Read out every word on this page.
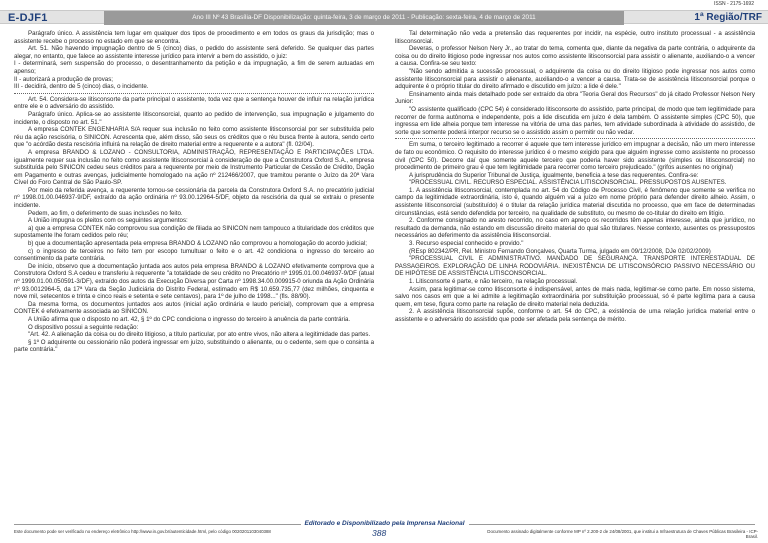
ISSN - 2175-1692
E-DJF1	Ano III Nº 43 Brasília-DF Disponibilização: quinta-feira, 3 de março de 2011 - Publicação: sexta-feira, 4 de março de 2011	1ª Região/TRF

Parágrafo único. A assistência tem lugar em qualquer dos tipos de procedimento e em todos os graus da jurisdição; mas o assistente recebe o processo no estado em que se encontra.

Art. 51. Não havendo impugnação dentro de 5 (cinco) dias, o pedido do assistente será deferido. Se qualquer das partes alegar, no entanto, que falece ao assistente interesse jurídico para intervir a bem do assistido, o juiz:

I - determinará, sem suspensão do processo, o desentranhamento da petição e da impugnação, a fim de serem autuadas em apenso;

II - autorizará a produção de provas;

III - decidirá, dentro de 5 (cinco) dias, o incidente.

Art. 54. Considera-se litisconsorte da parte principal o assistente, toda vez que a sentença houver de influir na relação jurídica entre ele e o adversário do assistido.

Parágrafo único. Aplica-se ao assistente litisconsorcial, quanto ao pedido de intervenção, sua impugnação e julgamento do incidente, o disposto no art. 51."

A empresa CONTEK ENGENHARIA S/A requer sua inclusão no feito como assistente litisconsorcial por ser substituída pelo réu da ação rescisória, o SINICON. Acrescenta que, além disso, são seus os créditos que o réu busca frente à autora, sendo certo que "o acórdão desta rescisória influirá na relação de direito material entre a requerente e a autora" (fl. 02/04).

A empresa BRANDO & LOZANO - CONSULTORIA, ADMINISTRAÇÃO, REPRESENTAÇÃO E PARTICIPAÇÕES LTDA. igualmente requer sua inclusão no feito como assistente litisconsorcial à consideração de que a Construtora Oxford S.A., empresa substituída pelo SINICON cedeu seus créditos para a requerente por meio de Instrumento Particular de Cessão de Crédito, Dação em Pagamento e outras avenças, judicialmente homologado na ação nº 212466/2007, que tramitou perante o Juízo da 20ª Vara Cível do Foro Central de São Paulo-SP.

Por meio da referida avença, a requerente tornou-se cessionária da parcela da Construtora Oxford S.A. no precatório judicial nº 1998.01.00.046937-9/DF, extraído da ação ordinária nº 93.00.12964-5/DF, objeto da rescisória da qual se extraiu o presente incidente.

Pedem, ao fim, o deferimento de suas inclusões no feito.

A União impugna os pleitos com os seguintes argumentos:

a) que a empresa CONTEK não comprovou sua condição de filiada ao SINICON nem tampouco a titularidade dos créditos que supostamente lhe foram cedidos pelo réu;

b) que a documentação apresentada pela empresa BRANDO & LOZANO não comprovou a homologação do acordo judicial;

c) o ingresso de terceiros no feito tem por escopo tumultuar o feito e o art. 42 condiciona o ingresso do terceiro ao consentimento da parte contrária.

De início, observo que a documentação juntada aos autos pela empresa BRANDO & LOZANO efetivamente comprova que a Construtora Oxford S.A cedeu e transferiu à requerente "a totalidade de seu crédito no Precatório nº 1995.01.00.046937-9/DF (atual nº 1999.01.00.050591-3/DF), extraído dos autos da Execução Diversa por Carta nº 1998.34.00.009915-0 oriunda da Ação Ordinária nº 93.0012964-5, da 17ª Vara da Seção Judiciária do Distrito Federal, estimado em R$ 10.659.735,77 (dez milhões, cinquenta e nove mil, setecentos e trinta e cinco reais e setenta e sete centavos), para 1º de julho de 1998..." (fls. 88/90).

Da mesma forma, os documentos juntados aos autos (inicial ação ordinária e laudo pericial), comprovam que a empresa CONTEK é efetivamente associada ao SINICON.

A União afirma que o disposto no art. 42, § 1º do CPC condiciona o ingresso do terceiro à anuência da parte contrária.

O dispositivo possui a seguinte redação:

"Art. 42. A alienação da coisa ou do direito litigioso, a título particular, por ato entre vivos, não altera a legitimidade das partes.

§ 1º O adquirente ou cessionário não poderá ingressar em juízo, substituindo o alienante, ou o cedente, sem que o consinta a parte contrária."

Tal determinação não veda a pretensão das requerentes por incidir, na espécie, outro instituto processual - a assistência litisconsorcial.

Deveras, o professor Nelson Nery Jr., ao tratar do tema, comenta que, diante da negativa da parte contrária, o adquirente da coisa ou do direito litigioso pode ingressar nos autos como assistente litisconsorcial para assistir o alienante, auxiliando-o a vencer a causa. Confira-se seu texto:

"Não sendo admitida a sucessão processual, o adquirente da coisa ou do direito litigioso pode ingressar nos autos como assistente litisconsorcial para assistir o alienante, auxiliando-o a vencer a causa. Trata-se de assistência litisconsorcial porque o adquirente é o próprio titular do direito afirmado e discutido em juízo: a lide é dele."

Ensinamento ainda mais detalhado pode ser extraído da obra "Teoria Geral dos Recursos" do já citado Professor Nelson Nery Junior:

"O assistente qualificado (CPC 54) é considerado litisconsorte do assistido, parte principal, de modo que tem legitimidade para recorrer de forma autônoma e independente, pois a lide discutida em juízo é dela também. O assistente simples (CPC 50), que ingressa em lide alheia porque tem interesse na vitória de uma das partes, tem atividade subordinada à atividade do assistido, de sorte que somente poderá interpor recurso se o assistido assim o permitir ou não vedar.

Em suma, o terceiro legitimado a recorrer é aquele que tem interesse jurídico em impugnar a decisão, não um mero interesse de fato ou econômico. O requisito do interesse jurídico é o mesmo exigido para que alguém ingresse como assistente no processo civil (CPC 50). Decorre daí que somente aquele terceiro que poderia haver sido assistente (simples ou litisconsorcial) no procedimento de primeiro grau é que tem legitimidade para recorrer como terceiro prejudicado." (grifos ausentes no original)

A jurisprudência do Superior Tribunal de Justiça, igualmente, beneficia a tese das requerentes. Confira-se:

"PROCESSUAL CIVIL. RECURSO ESPECIAL. ASSISTÊNCIA LITISCONSORCIAL. PRESSUPOSTOS AUSENTES.

1. A assistência litisconsorcial, contemplada no art. 54 do Código de Processo Civil, é fenômeno que somente se verifica no campo da legitimidade extraordinária, isto é, quando alguém vai a juízo em nome próprio para defender direito alheio. Assim, o assistente litisconsorcial (substituído) é o titular da relação jurídica material discutida no processo, que em face de determinadas circunstâncias, está sendo defendida por terceiro, na qualidade de substituto, ou mesmo de co-titular do direito em litígio.

2. Conforme consignado no aresto recorrido, no caso em apreço os recorridos têm apenas interesse, ainda que jurídico, no resultado da demanda, não estando em discussão direito material do qual são titulares. Nesse contexto, ausentes os pressupostos necessários ao deferimento da assistência litisconsorcial.

3. Recurso especial conhecido e provido."

(REsp 802342/PR, Rel. Ministro Fernando Gonçalves, Quarta Turma, julgado em 09/12/2008, DJe 02/02/2009)

"PROCESSUAL CIVIL E ADMINISTRATIVO. MANDADO DE SEGURANÇA. TRANSPORTE INTERESTADUAL DE PASSAGEIROS. EXPLORAÇÃO DE LINHA RODOVIÁRIA. INEXISTÊNCIA DE LITISCONSÓRCIO PASSIVO NECESSÁRIO OU DE HIPÓTESE DE ASSISTÊNCIA LITISCONSORCIAL.

1. Litisconsorte é parte, e não terceiro, na relação processual.

Assim, para legitimar-se como litisconsorte é indispensável, antes de mais nada, legitimar-se como parte. Em nosso sistema, salvo nos casos em que a lei admite a legitimação extraordinária por substituição processual, só é parte legítima para a causa quem, em tese, figura como parte na relação de direito material nela deduzida.

2. A assistência litisconsorcial supõe, conforme o art. 54 do CPC, a existência de uma relação jurídica material entre o assistente e o adversário do assistido que pode ser afetada pela sentença de mérito.

Editorado e Disponibilizado pela Imprensa Nacional
Este documento pode ser verificado no endereço eletrônico http://www.in.gov.br/autenticidade.html, pelo código 0020201103040388	388	Documento assinado digitalmente conforme MP nº 2.200-2 de 24/08/2001, que institui a Infraestrutura de Chaves Públicas Brasileira - ICP-Brasil.
